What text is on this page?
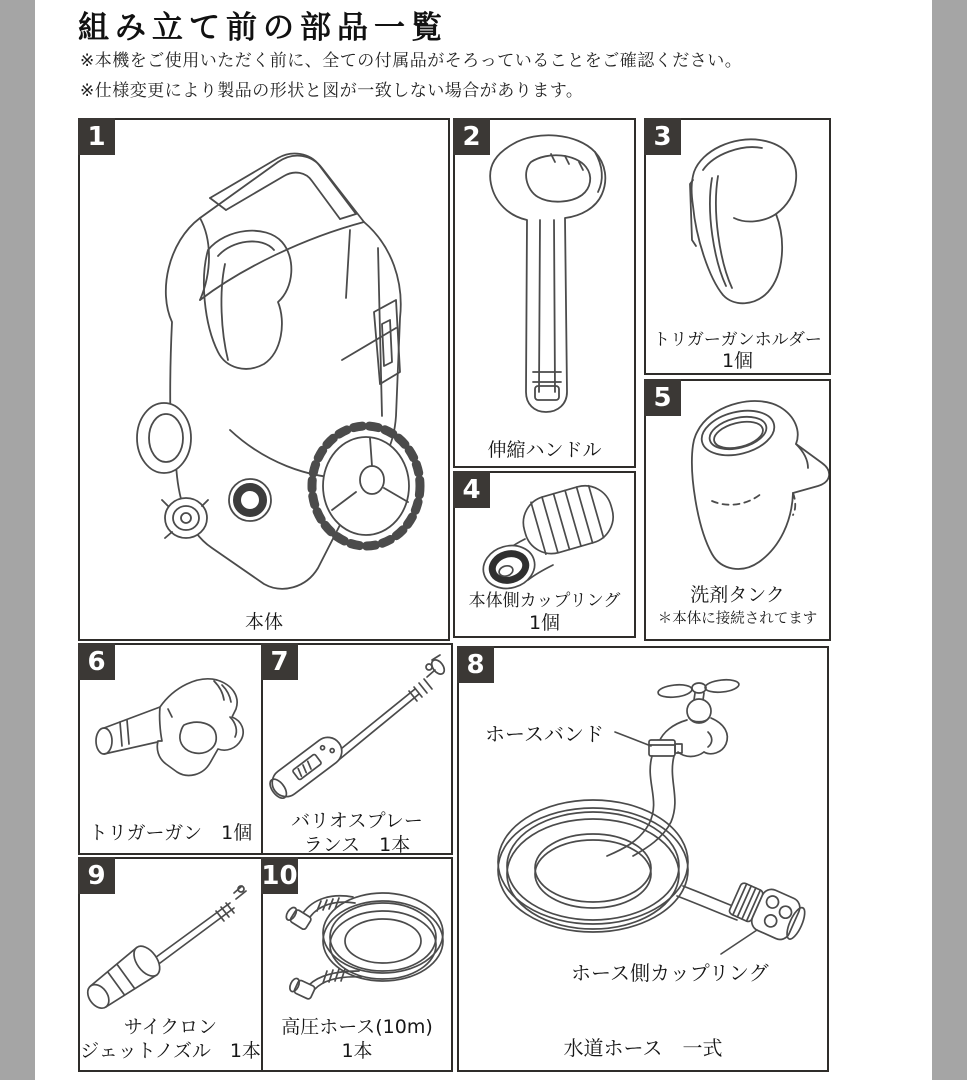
組み立て前の部品一覧
※本機をご使用いただく前に、全ての付属品がそろっていることをご確認ください。
※仕様変更により製品の形状と図が一致しない場合があります。
1
本体
2
伸縮ハンドル
3
トリガーガンホルダー
1個
4
本体側カップリング
1個
5
洗剤タンク
＊本体に接続されてます
6
トリガーガン　1個
7
バリオスプレー
ランス　1本
8
ホースバンド
ホース側カップリング
水道ホース　一式
9
サイクロン
ジェットノズル　1本
10
高圧ホース(10m)
1本
